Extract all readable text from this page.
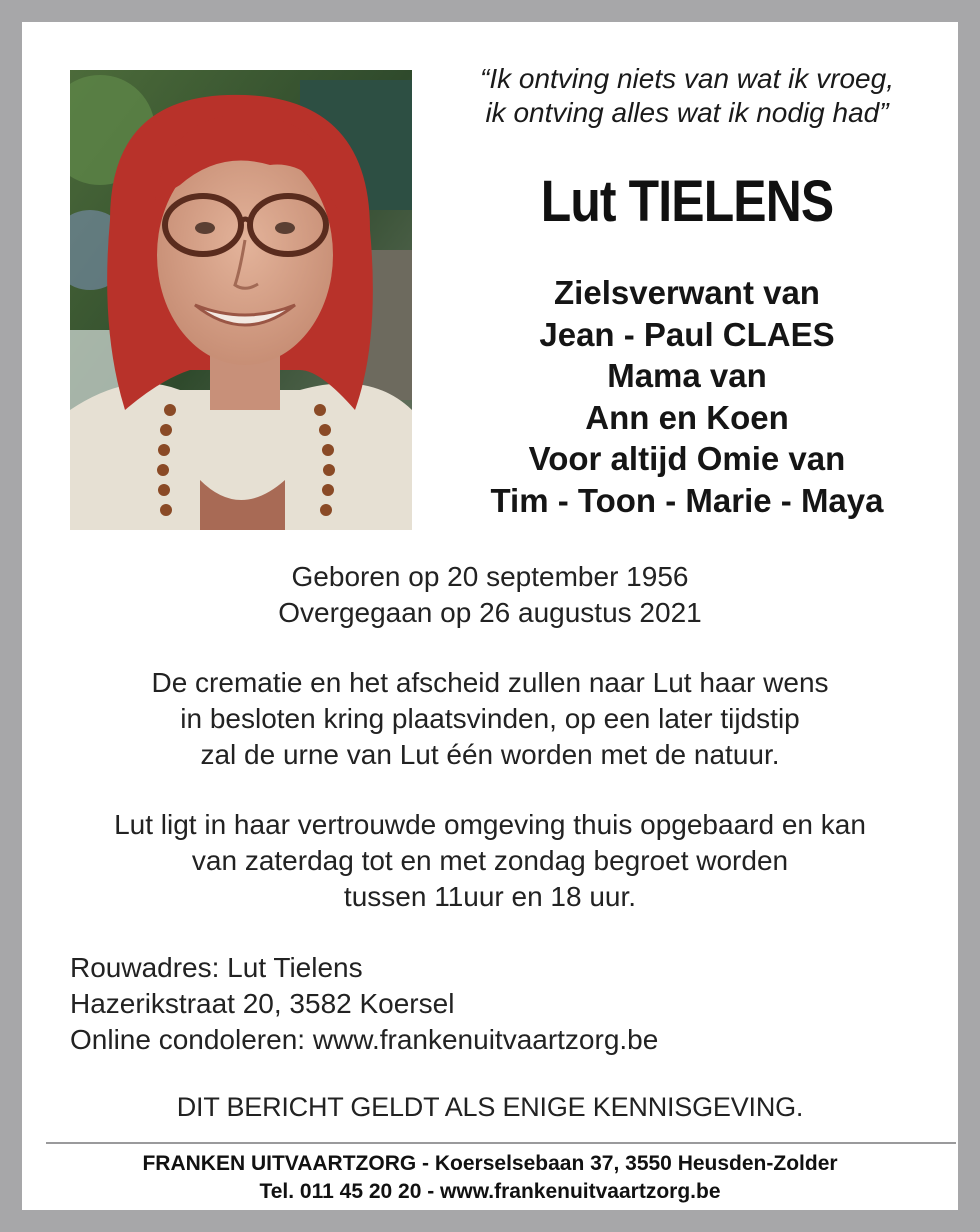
“Ik ontving niets van wat ik vroeg,
ik ontving alles wat ik nodig had”
Lut TIELENS
Zielsverwant van
Jean - Paul CLAES
Mama van
Ann en Koen
Voor altijd Omie van
Tim - Toon - Marie - Maya
Geboren op 20 september 1956
Overgegaan op 26 augustus 2021
De crematie en het afscheid zullen naar Lut haar wens
in besloten kring plaatsvinden, op een later tijdstip
zal de urne van Lut één worden met de natuur.
Lut ligt in haar vertrouwde omgeving thuis opgebaard en kan
van zaterdag tot en met zondag begroet worden
tussen 11uur en 18 uur.
Rouwadres: Lut Tielens
Hazerikstraat 20, 3582 Koersel
Online condoleren: www.frankenuitvaartzorg.be
DIT BERICHT GELDT ALS ENIGE KENNISGEVING.
FRANKEN UITVAARTZORG - Koerselsebaan 37, 3550 Heusden-Zolder
Tel. 011 45 20 20 - www.frankenuitvaartzorg.be
